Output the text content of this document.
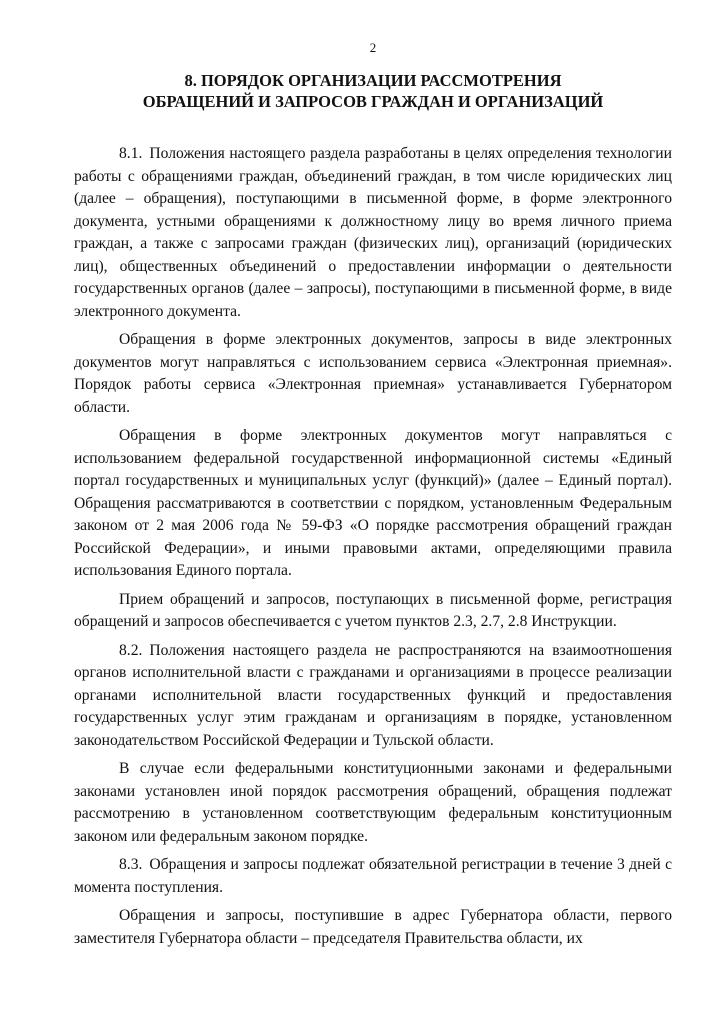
2
8. ПОРЯДОК ОРГАНИЗАЦИИ РАССМОТРЕНИЯ
ОБРАЩЕНИЙ И ЗАПРОСОВ ГРАЖДАН И ОРГАНИЗАЦИЙ

8.1. Положения настоящего раздела разработаны в целях определения технологии работы с обращениями граждан, объединений граждан, в том числе юридических лиц (далее – обращения), поступающими в письменной форме, в форме электронного документа, устными обращениями к должностному лицу во время личного приема граждан, а также с запросами граждан (физических лиц), организаций (юридических лиц), общественных объединений о предоставлении информации о деятельности государственных органов (далее – запросы), поступающими в письменной форме, в виде электронного документа.

Обращения в форме электронных документов, запросы в виде электронных документов могут направляться с использованием сервиса «Электронная приемная». Порядок работы сервиса «Электронная приемная» устанавливается Губернатором области.

Обращения в форме электронных документов могут направляться с использованием федеральной государственной информационной системы «Единый портал государственных и муниципальных услуг (функций)» (далее – Единый портал). Обращения рассматриваются в соответствии с порядком, установленным Федеральным законом от 2 мая 2006 года № 59-ФЗ «О порядке рассмотрения обращений граждан Российской Федерации», и иными правовыми актами, определяющими правила использования Единого портала.

Прием обращений и запросов, поступающих в письменной форме, регистрация обращений и запросов обеспечивается с учетом пунктов 2.3, 2.7, 2.8 Инструкции.

8.2. Положения настоящего раздела не распространяются на взаимоотношения органов исполнительной власти с гражданами и организациями в процессе реализации органами исполнительной власти государственных функций и предоставления государственных услуг этим гражданам и организациям в порядке, установленном законодательством Российской Федерации и Тульской области.

В случае если федеральными конституционными законами и федеральными законами установлен иной порядок рассмотрения обращений, обращения подлежат рассмотрению в установленном соответствующим федеральным конституционным законом или федеральным законом порядке.

8.3. Обращения и запросы подлежат обязательной регистрации в течение 3 дней с момента поступления.

Обращения и запросы, поступившие в адрес Губернатора области, первого заместителя Губернатора области – председателя Правительства области, их
